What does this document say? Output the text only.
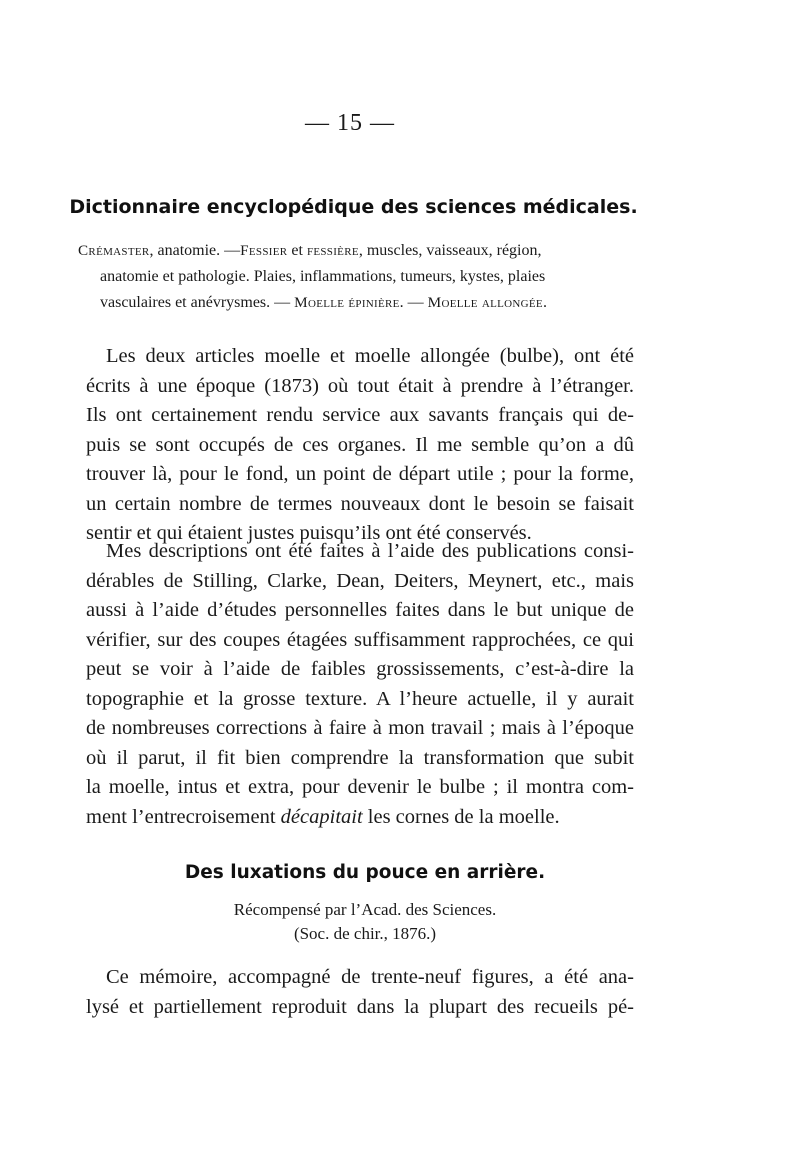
— 15 —
Dictionnaire encyclopédique des sciences médicales.
Crémaster, anatomie. —Fessier et fessière, muscles, vaisseaux, région,
anatomie et pathologie. Plaies, inflammations, tumeurs, kystes, plaies
vasculaires et anévrysmes. — Moelle épinière. — Moelle allongée.
Les deux articles moelle et moelle allongée (bulbe), ont été
écrits à une époque (1873) où tout était à prendre à l’étranger.
Ils ont certainement rendu service aux savants français qui de-
puis se sont occupés de ces organes. Il me semble qu’on a dû
trouver là, pour le fond, un point de départ utile ; pour la forme,
un certain nombre de termes nouveaux dont le besoin se faisait
sentir et qui étaient justes puisqu’ils ont été conservés.
Mes descriptions ont été faites à l’aide des publications consi-
dérables de Stilling, Clarke, Dean, Deiters, Meynert, etc., mais
aussi à l’aide d’études personnelles faites dans le but unique de
vérifier, sur des coupes étagées suffisamment rapprochées, ce qui
peut se voir à l’aide de faibles grossissements, c’est-à-dire la
topographie et la grosse texture. A l’heure actuelle, il y aurait
de nombreuses corrections à faire à mon travail ; mais à l’époque
où il parut, il fit bien comprendre la transformation que subit
la moelle, intus et extra, pour devenir le bulbe ; il montra com-
ment l’entrecroisement décapitait les cornes de la moelle.
Des luxations du pouce en arrière.
Récompensé par l’Acad. des Sciences.
(Soc. de chir., 1876.)
Ce mémoire, accompagné de trente-neuf figures, a été ana-
lysé et partiellement reproduit dans la plupart des recueils pé-
